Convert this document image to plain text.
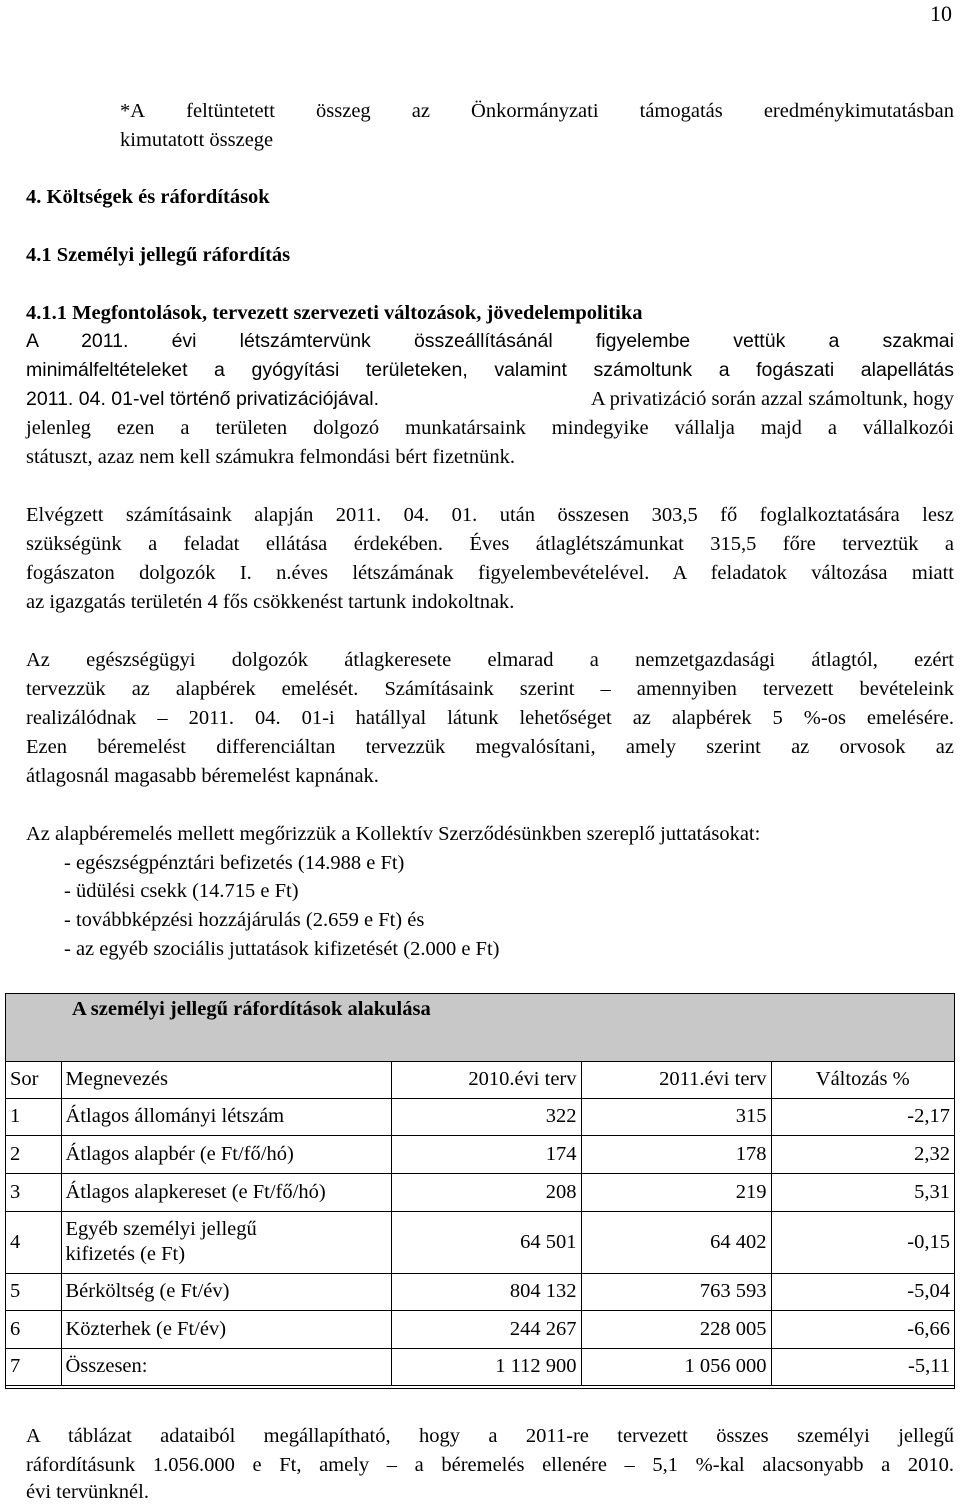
10
*A feltüntetett összeg az Önkormányzati támogatás eredménykimutatásban
kimutatott összege
4. Költségek és ráfordítások
4.1 Személyi jellegű ráfordítás
4.1.1 Megfontolások, tervezett szervezeti változások, jövedelempolitika
A 2011. évi létszámtervünk összeállításánál figyelembe vettük a szakmai
minimálfeltételeket a gyógyítási területeken, valamint számoltunk a fogászati alapellátás
2011. 04. 01-vel történő privatizációjával.	A privatizáció során azzal számoltunk, hogy
jelenleg ezen a területen dolgozó munkatársaink mindegyike vállalja majd a vállalkozói
státuszt, azaz nem kell számukra felmondási bért fizetnünk.
Elvégzett számításaink alapján 2011. 04. 01. után összesen 303,5 fő foglalkoztatására lesz
szükségünk a feladat ellátása érdekében. Éves átlaglétszámunkat 315,5 főre terveztük a
fogászaton dolgozók I. n.éves létszámának figyelembevételével. A feladatok változása miatt
az igazgatás területén 4 fős csökkenést tartunk indokoltnak.
Az egészségügyi dolgozók átlagkeresete elmarad a nemzetgazdasági átlagtól, ezért
tervezzük az alapbérek emelését. Számításaink szerint – amennyiben tervezett bevételeink
realizálódnak – 2011. 04. 01-i hatállyal látunk lehetőséget az alapbérek 5 %-os emelésére.
Ezen béremelést differenciáltan tervezzük megvalósítani, amely szerint az orvosok az
átlagosnál magasabb béremelést kapnának.
Az alapbéremelés mellett megőrizzük a Kollektív Szerződésünkben szereplő juttatásokat:
- egészségpénztári befizetés (14.988 e Ft)
- üdülési csekk (14.715 e Ft)
- továbbképzési hozzájárulás (2.659 e Ft) és
- az egyéb szociális juttatások kifizetését (2.000 e Ft)
A személyi jellegű ráfordítások alakulása
Sor	Megnevezés	2010.évi terv	2011.évi terv	Változás %
1	Átlagos állományi létszám	322	315	-2,17
2	Átlagos alapbér (e Ft/fő/hó)	174	178	2,32
3	Átlagos alapkereset (e Ft/fő/hó)	208	219	5,31
4	Egyéb személyi jellegű kifizetés (e Ft)	64 501	64 402	-0,15
5	Bérköltség (e Ft/év)	804 132	763 593	-5,04
6	Közterhek (e Ft/év)	244 267	228 005	-6,66
7	Összesen:	1 112 900	1 056 000	-5,11
A táblázat adataiból megállapítható, hogy a 2011-re tervezett összes személyi jellegű
ráfordításunk 1.056.000 e Ft, amely – a béremelés ellenére – 5,1 %-kal alacsonyabb a 2010.
évi tervünknél.
